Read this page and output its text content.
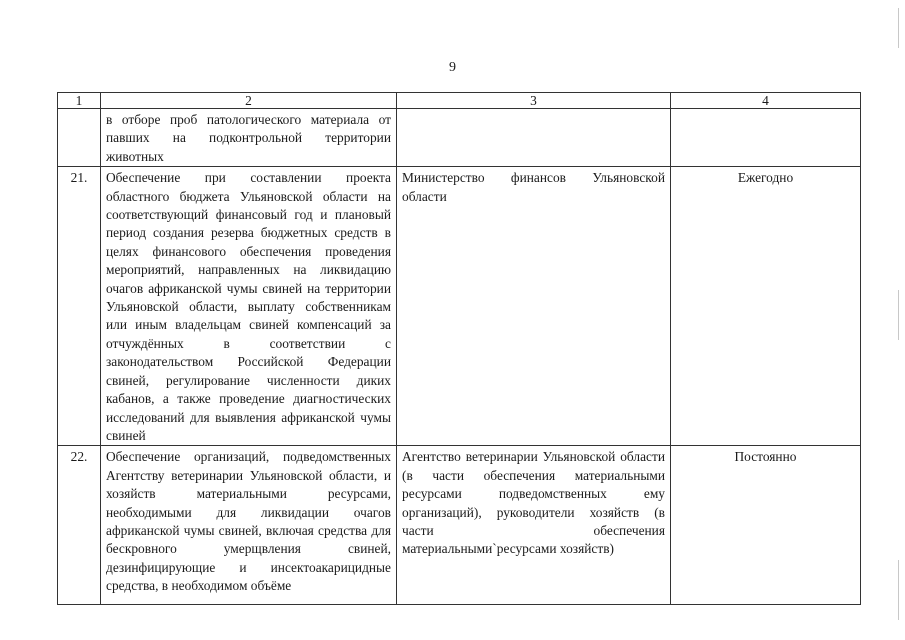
9
1	2	3	4
	в отборе проб патологического материала от павших на подконтрольной территории животных		
21.	Обеспечение при составлении проекта областного бюджета Ульяновской области на соответствующий финансовый год и плановый период создания резерва бюджетных средств в целях финансового обеспечения проведения мероприятий, направленных на ликвидацию очагов африканской чумы свиней на территории Ульяновской области, выплату собственникам или иным владельцам свиней компенсаций за отчуждённых в соответствии с законодательством Российской Федерации свиней, регулирование численности диких кабанов, а также проведение диагностических исследований для выявления африканской чумы свиней	Министерство финансов Ульяновской области	Ежегодно
22.	Обеспечение организаций, подведомственных Агентству ветеринарии Ульяновской области, и хозяйств материальными ресурсами, необходимыми для ликвидации очагов африканской чумы свиней, включая средства для бескровного умерщвления свиней, дезинфицирующие и инсектоакарицидные средства, в необходимом объёме	Агентство ветеринарии Ульяновской области (в части обеспечения материальными ресурсами подведомственных ему организаций), руководители хозяйств (в части обеспечения материальными`ресурсами хозяйств)	Постоянно
